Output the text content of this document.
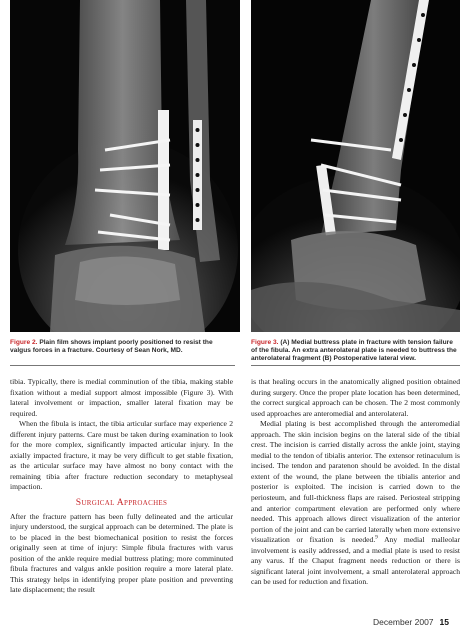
Figure 2. Plain film shows implant poorly positioned to resist the valgus forces in a fracture. Courtesy of Sean Nork, MD.
Figure 3. (A) Medial buttress plate in fracture with tension failure of the fibula. An extra anterolateral plate is needed to buttress the anterolateral fragment (B) Postoperative lateral view.

tibia. Typically, there is medial comminution of the tibia, making stable fixation without a medial support almost impossible (Figure 3). With lateral involvement or impaction, smaller lateral fixation may be required.

When the fibula is intact, the tibia articular surface may experience 2 different injury patterns. Care must be taken during examination to look for the more complex, significantly impacted articular injury. In the axially impacted fracture, it may be very difficult to get stable fixation, as the articular surface may have almost no bony contact with the remaining tibia after fracture reduction secondary to metaphyseal impaction.

Surgical Approaches

After the fracture pattern has been fully delineated and the articular injury understood, the surgical approach can be determined. The plate is to be placed in the best biomechanical position to resist the forces originally seen at time of injury: Simple fibula fractures with varus position of the ankle require medial buttress plating; more comminuted fibula fractures and valgus ankle position require a more lateral plate. This strategy helps in identifying proper plate position and preventing late displacement; the result

is that healing occurs in the anatomically aligned position obtained during surgery. Once the proper plate location has been determined, the correct surgical approach can be chosen. The 2 most commonly used approaches are anteromedial and anterolateral.

Medial plating is best accomplished through the anteromedial approach. The skin incision begins on the lateral side of the tibial crest. The incision is carried distally across the ankle joint, staying medial to the tendon of tibialis anterior. The extensor retinaculum is incised. The tendon and paratenon should be avoided. In the distal extent of the wound, the plane between the tibialis anterior and posterior is exploited. The incision is carried down to the periosteum, and full-thickness flaps are raised. Periosteal stripping and anterior compartment elevation are performed only where needed. This approach allows direct visualization of the anterior portion of the joint and can be carried laterally when more extensive visualization or fixation is needed.$^9$ Any medial malleolar involvement is easily addressed, and a medial plate is used to resist any varus. If the Chaput fragment needs reduction or there is significant lateral joint involvement, a small anterolateral approach can be used for reduction and fixation.

December 2007 15
